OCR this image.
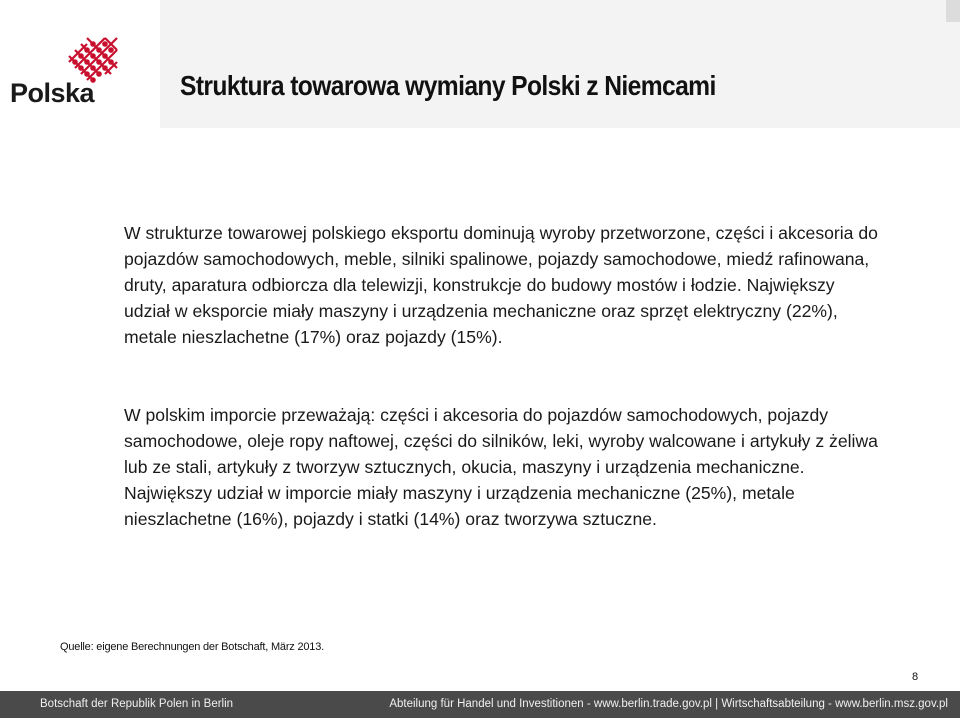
Polska	Struktura towarowa wymiany Polski z Niemcami

W strukturze towarowej polskiego eksportu dominują wyroby przetworzone, części i akcesoria do pojazdów samochodowych, meble, silniki spalinowe, pojazdy samochodowe, miedź rafinowana, druty, aparatura odbiorcza dla telewizji, konstrukcje do budowy mostów i łodzie. Największy udział w eksporcie miały maszyny i urządzenia mechaniczne oraz sprzęt elektryczny (22%), metale nieszlachetne (17%) oraz pojazdy (15%).

W polskim imporcie przeważają: części i akcesoria do pojazdów samochodowych, pojazdy samochodowe, oleje ropy naftowej, części do silników, leki, wyroby walcowane i artykuły z żeliwa lub ze stali, artykuły z tworzyw sztucznych, okucia, maszyny i urządzenia mechaniczne. Największy udział w imporcie miały maszyny i urządzenia mechaniczne (25%), metale nieszlachetne (16%), pojazdy i statki (14%) oraz tworzywa sztuczne.

Quelle: eigene Berechnungen der Botschaft, März 2013.
8
Botschaft der Republik Polen in Berlin	Abteilung für Handel und Investitionen - www.berlin.trade.gov.pl | Wirtschaftsabteilung - www.berlin.msz.gov.pl
